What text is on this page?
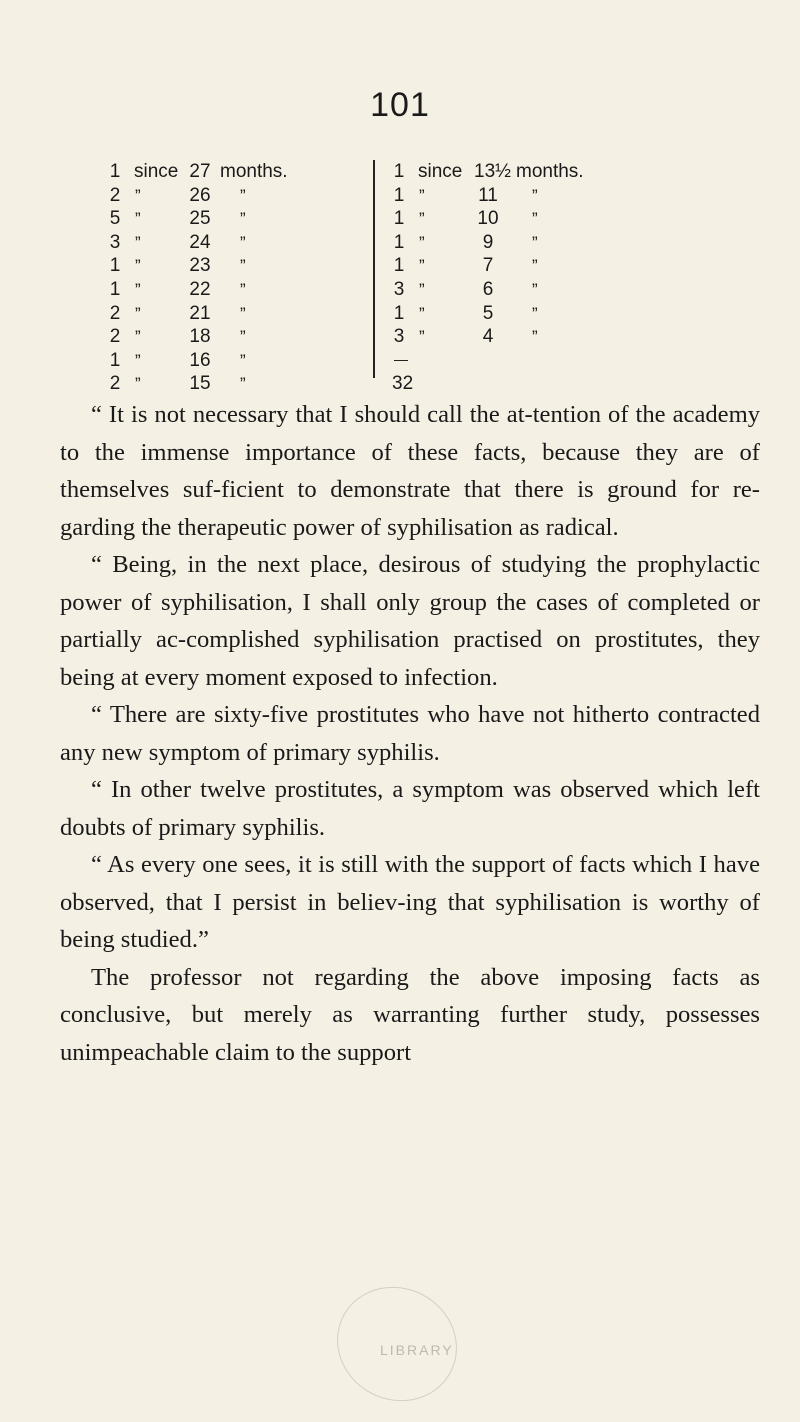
101
1 since 27 months.
2 ”	26 ”
5 ”	25 ”
3 ”	24 ”
1 ”	23 ”
1 ”	22 ”
2 ”	21 ”
2 ”	18 ”
1 ”	16 ”
2 ”	15 ”
1 since 13½ months.
1 ”	11 ”
1 ”	10 ”
1 ”	9	”
1 ”	7	”
3 ”	6	”
1 ”	5	”
3 ”	4	”
32

“ It is not necessary that I should call the at-tention of the academy to the immense importance of these facts, because they are of themselves suf-ficient to demonstrate that there is ground for re-garding the therapeutic power of syphilisation as radical.

“ Being, in the next place, desirous of studying the prophylactic power of syphilisation, I shall only group the cases of completed or partially ac-complished syphilisation practised on prostitutes, they being at every moment exposed to infection.

“ There are sixty-five prostitutes who have not hitherto contracted any new symptom of primary syphilis.

“ In other twelve prostitutes, a symptom was observed which left doubts of primary syphilis.

“ As every one sees, it is still with the support of facts which I have observed, that I persist in believ-ing that syphilisation is worthy of being studied.”

The professor not regarding the above imposing facts as conclusive, but merely as warranting further study, possesses unimpeachable claim to the support

LIBRARY
